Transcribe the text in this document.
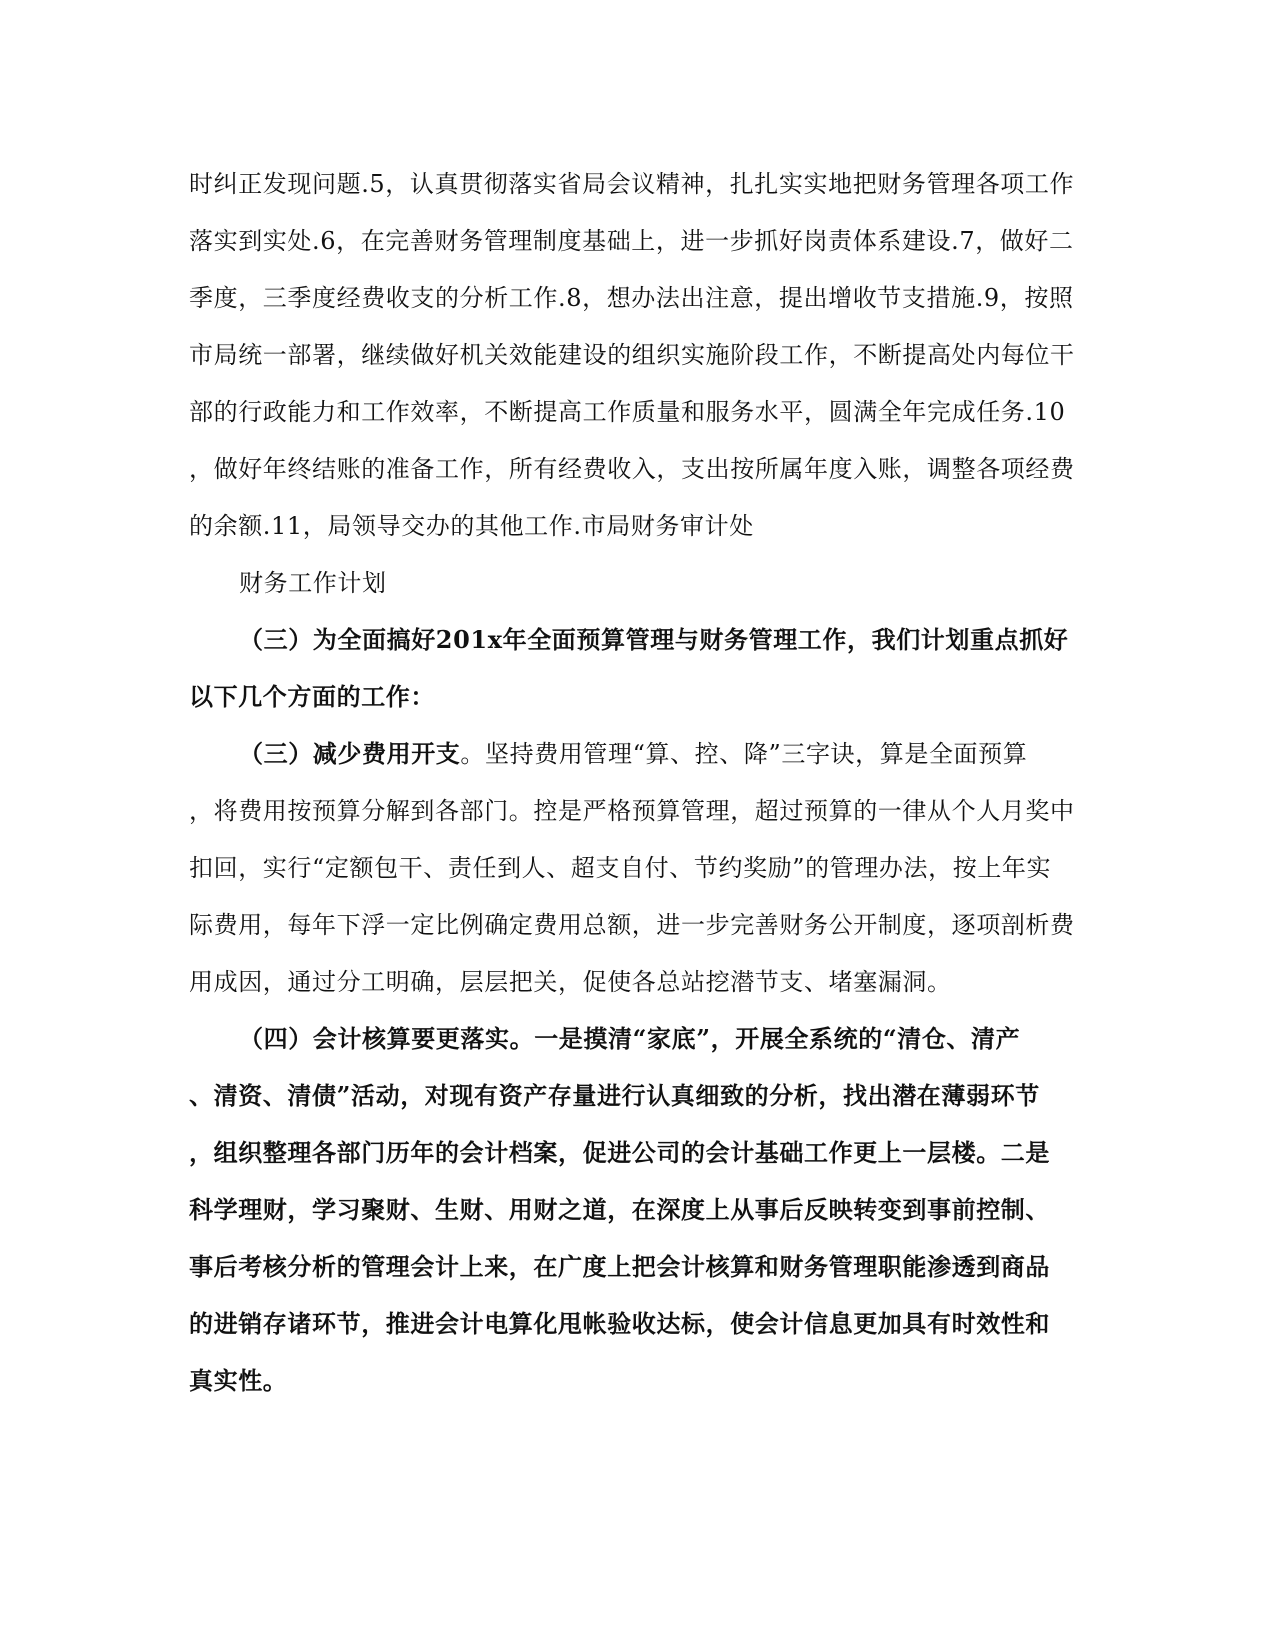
时纠正发现问题.5，认真贯彻落实省局会议精神，扎扎实实地把财务管理各项工作
落实到实处.6，在完善财务管理制度基础上，进一步抓好岗责体系建设.7，做好二
季度，三季度经费收支的分析工作.8，想办法出注意，提出增收节支措施.9，按照
市局统一部署，继续做好机关效能建设的组织实施阶段工作，不断提高处内每位干
部的行政能力和工作效率，不断提高工作质量和服务水平，圆满全年完成任务.10
，做好年终结账的准备工作，所有经费收入，支出按所属年度入账，调整各项经费
的余额.11，局领导交办的其他工作.市局财务审计处
财务工作计划
（三）为全面搞好201x年全面预算管理与财务管理工作，我们计划重点抓好
以下几个方面的工作：
（三）减少费用开支。坚持费用管理“算、控、降”三字诀，算是全面预算
，将费用按预算分解到各部门。控是严格预算管理，超过预算的一律从个人月奖中
扣回，实行“定额包干、责任到人、超支自付、节约奖励”的管理办法，按上年实
际费用，每年下浮一定比例确定费用总额，进一步完善财务公开制度，逐项剖析费
用成因，通过分工明确，层层把关，促使各总站挖潜节支、堵塞漏洞。
（四）会计核算要更落实。一是摸清“家底”，开展全系统的“清仓、清产
、清资、清债”活动，对现有资产存量进行认真细致的分析，找出潜在薄弱环节
，组织整理各部门历年的会计档案，促进公司的会计基础工作更上一层楼。二是
科学理财，学习聚财、生财、用财之道，在深度上从事后反映转变到事前控制、
事后考核分析的管理会计上来，在广度上把会计核算和财务管理职能渗透到商品
的进销存诸环节，推进会计电算化甩帐验收达标，使会计信息更加具有时效性和
真实性。
